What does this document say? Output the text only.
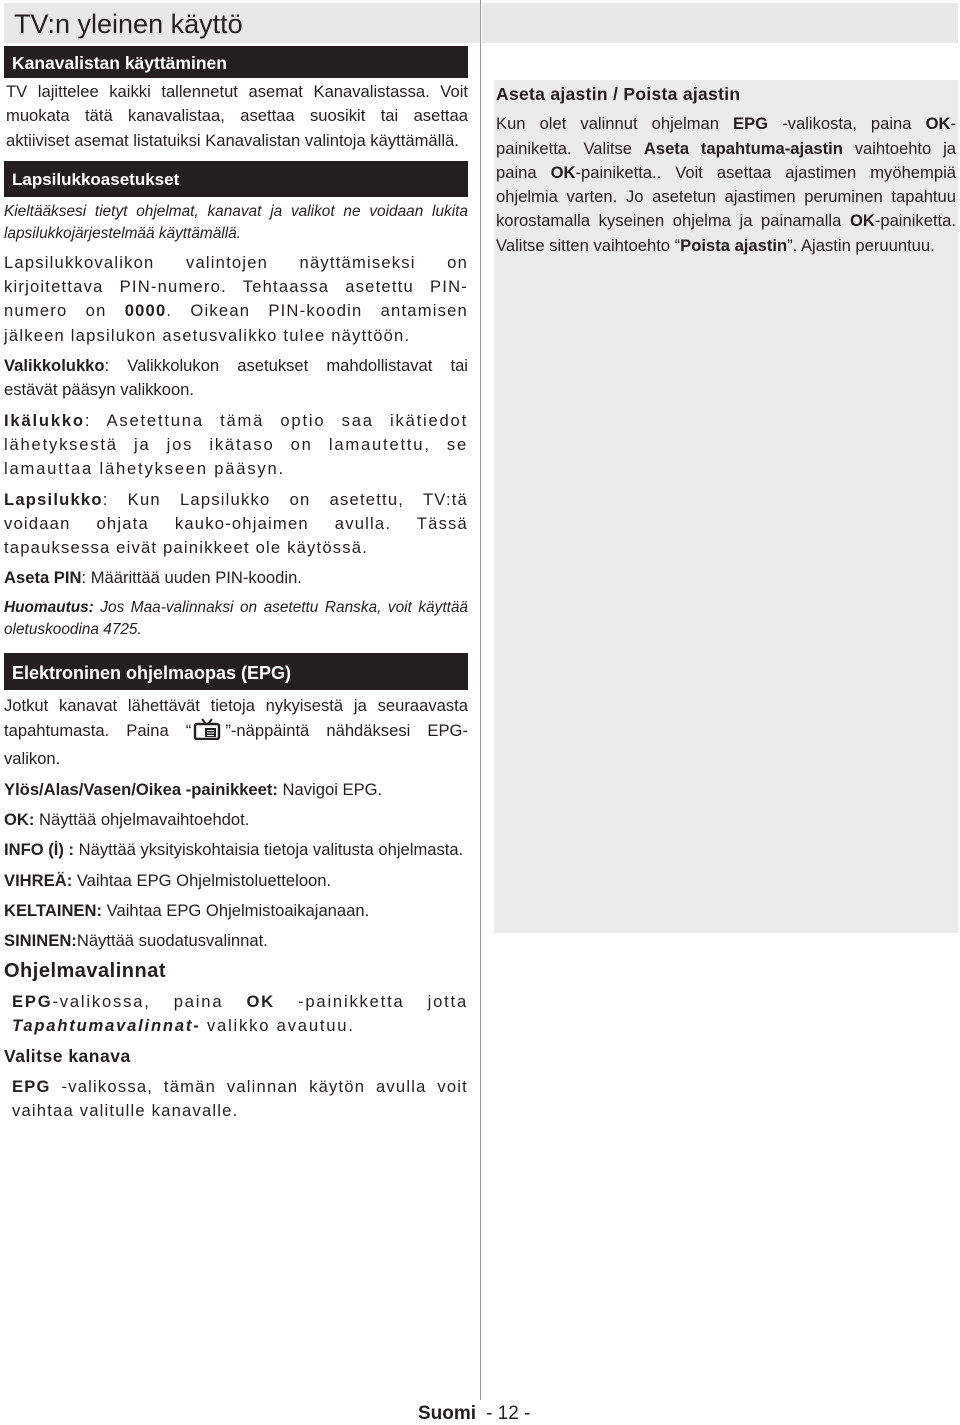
TV:n yleinen käyttö
Kanavalistan käyttäminen

TV lajittelee kaikki tallennetut asemat Kanavalistassa. Voit muokata tätä kanavalistaa, asettaa suosikit tai asettaa aktiiviset asemat listatuiksi Kanavalistan valintoja käyttämällä.

Lapsilukkoasetukset

Kieltääksesi tietyt ohjelmat, kanavat ja valikot ne voidaan lukita lapsilukkojärjestelmää käyttämällä.

Lapsilukkovalikon valintojen näyttämiseksi on kirjoitettava PIN-numero. Tehtaassa asetettu PIN-numero on 0000. Oikean PIN-koodin antamisen jälkeen lapsilukon asetusvalikko tulee näyttöön.

Valikkolukko: Valikkolukon asetukset mahdollistavat tai estävät pääsyn valikkoon.

Ikälukko: Asetettuna tämä optio saa ikätiedot lähetyksestä ja jos ikätaso on lamautettu, se lamauttaa lähetykseen pääsyn.

Lapsilukko: Kun Lapsilukko on asetettu, TV:tä voidaan ohjata kauko-ohjaimen avulla. Tässä tapauksessa eivät painikkeet ole käytössä.

Aseta PIN: Määrittää uuden PIN-koodin.

Huomautus: Jos Maa-valinnaksi on asetettu Ranska, voit käyttää oletuskoodina 4725.

Elektroninen ohjelmaopas (EPG)

Jotkut kanavat lähettävät tietoja nykyisestä ja seuraavasta tapahtumasta. Paina “ ”-näppäintä nähdäksesi EPG-valikon.

Ylös/Alas/Vasen/Oikea -painikkeet: Navigoi EPG.

OK: Näyttää ohjelmavaihtoehdot.

INFO (İ) : Näyttää yksityiskohtaisia tietoja valitusta ohjelmasta.

VIHREÄ: Vaihtaa EPG Ohjelmistoluetteloon.

KELTAINEN: Vaihtaa EPG Ohjelmistoaikajanaan.

SININEN:Näyttää suodatusvalinnat.

Ohjelmavalinnat

EPG-valikossa, paina OK -painikketta jotta Tapahtumavalinnat- valikko avautuu.

Valitse kanava

EPG -valikossa, tämän valinnan käytön avulla voit vaihtaa valitulle kanavalle.

Aseta ajastin / Poista ajastin

Kun olet valinnut ohjelman EPG -valikosta, paina OK-painiketta. Valitse Aseta tapahtuma-ajastin vaihtoehto ja paina OK-painiketta.. Voit asettaa ajastimen myöhempiä ohjelmia varten. Jo asetetun ajastimen peruminen tapahtuu korostamalla kyseinen ohjelma ja painamalla OK-painiketta. Valitse sitten vaihtoehto “Poista ajastin”. Ajastin peruuntuu.

Suomi - 12 -
